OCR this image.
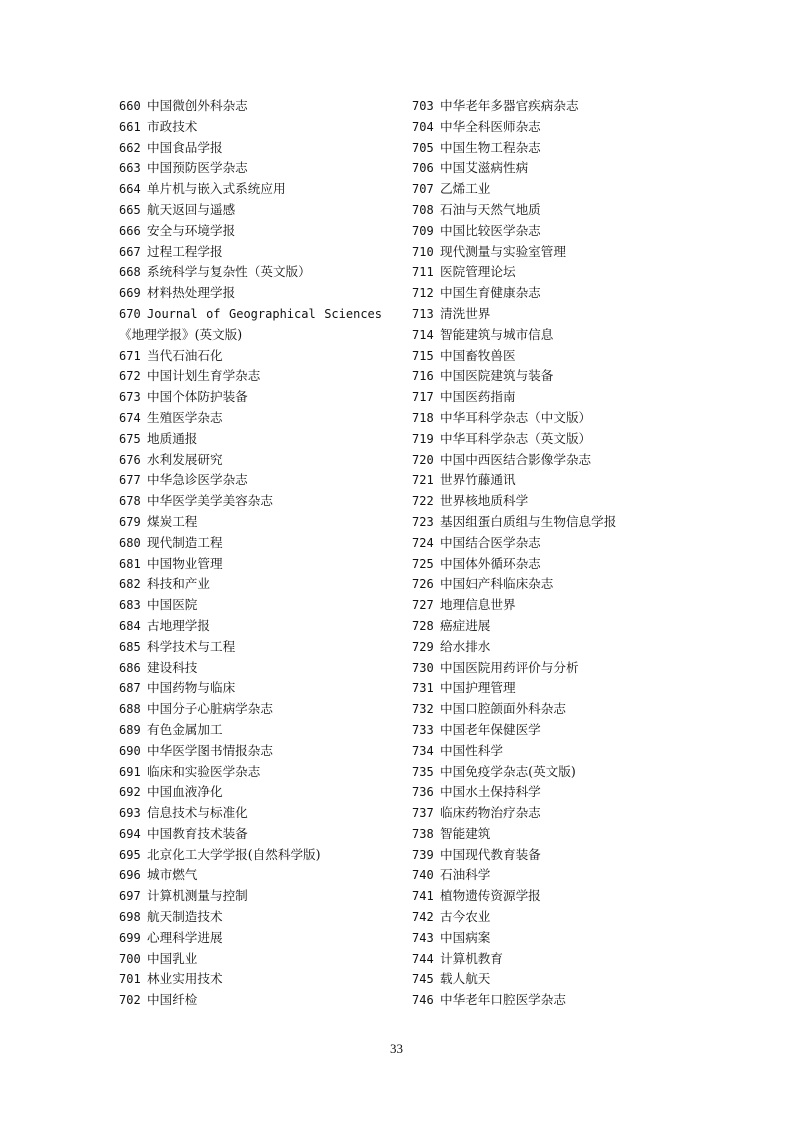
660 中国微创外科杂志
661 市政技术
662 中国食品学报
663 中国预防医学杂志
664 单片机与嵌入式系统应用
665 航天返回与遥感
666 安全与环境学报
667 过程工程学报
668 系统科学与复杂性（英文版）
669 材料热处理学报
670 Journal of Geographical Sciences
《地理学报》(英文版)
671 当代石油石化
672 中国计划生育学杂志
673 中国个体防护装备
674 生殖医学杂志
675 地质通报
676 水利发展研究
677 中华急诊医学杂志
678 中华医学美学美容杂志
679 煤炭工程
680 现代制造工程
681 中国物业管理
682 科技和产业
683 中国医院
684 古地理学报
685 科学技术与工程
686 建设科技
687 中国药物与临床
688 中国分子心脏病学杂志
689 有色金属加工
690 中华医学图书情报杂志
691 临床和实验医学杂志
692 中国血液净化
693 信息技术与标准化
694 中国教育技术装备
695 北京化工大学学报(自然科学版)
696 城市燃气
697 计算机测量与控制
698 航天制造技术
699 心理科学进展
700 中国乳业
701 林业实用技术
702 中国纤检
703 中华老年多器官疾病杂志
704 中华全科医师杂志
705 中国生物工程杂志
706 中国艾滋病性病
707 乙烯工业
708 石油与天然气地质
709 中国比较医学杂志
710 现代测量与实验室管理
711 医院管理论坛
712 中国生育健康杂志
713 清洗世界
714 智能建筑与城市信息
715 中国畜牧兽医
716 中国医院建筑与装备
717 中国医药指南
718 中华耳科学杂志（中文版）
719 中华耳科学杂志（英文版）
720 中国中西医结合影像学杂志
721 世界竹藤通讯
722 世界核地质科学
723 基因组蛋白质组与生物信息学报
724 中国结合医学杂志
725 中国体外循环杂志
726 中国妇产科临床杂志
727 地理信息世界
728 癌症进展
729 给水排水
730 中国医院用药评价与分析
731 中国护理管理
732 中国口腔颌面外科杂志
733 中国老年保健医学
734 中国性科学
735 中国免疫学杂志(英文版)
736 中国水土保持科学
737 临床药物治疗杂志
738 智能建筑
739 中国现代教育装备
740 石油科学
741 植物遗传资源学报
742 古今农业
743 中国病案
744 计算机教育
745 载人航天
746 中华老年口腔医学杂志
33
